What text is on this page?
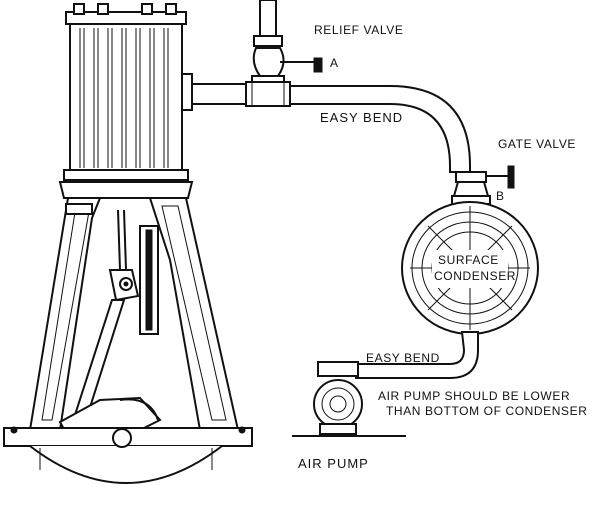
RELIEF VALVE
A
EASY BEND
GATE VALVE
B
SURFACE
CONDENSER
EASY BEND
AIR PUMP SHOULD BE LOWER
THAN BOTTOM OF CONDENSER
AIR PUMP
